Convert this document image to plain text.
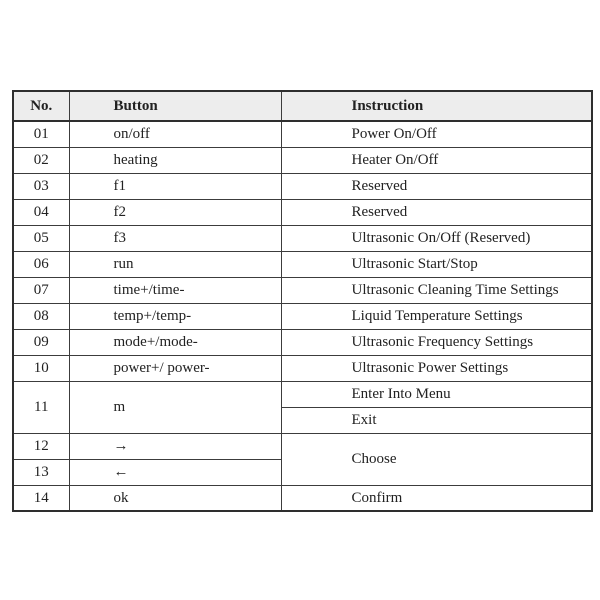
No.	Button	Instruction
01	on/off	Power On/Off
02	heating	Heater On/Off
03	f1	Reserved
04	f2	Reserved
05	f3	Ultrasonic On/Off (Reserved)
06	run	Ultrasonic Start/Stop
07	time+/time-	Ultrasonic Cleaning Time Settings
08	temp+/temp-	Liquid Temperature Settings
09	mode+/mode-	Ultrasonic Frequency Settings
10	power+/ power-	Ultrasonic Power Settings
11	m	Enter Into Menu
		Exit
12	→	Choose
13	←	
14	ok	Confirm
